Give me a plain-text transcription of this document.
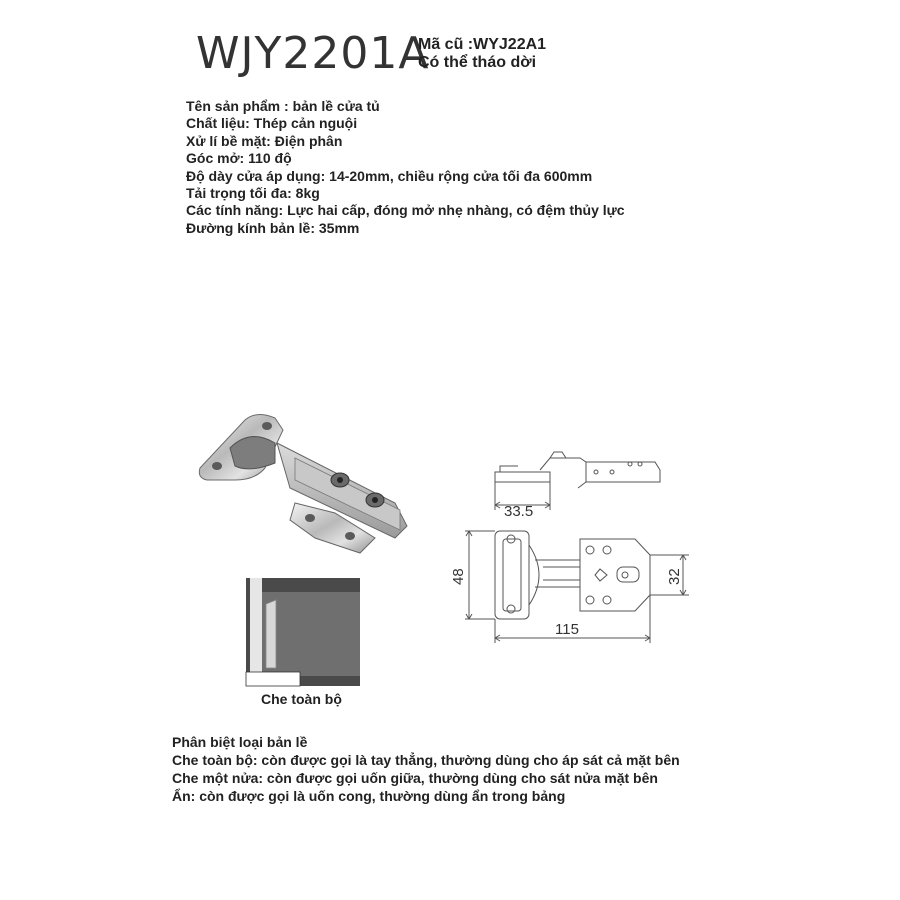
WJY2201A
Mã cũ :WYJ22A1
Có thể tháo dời
Tên sản phẩm : bản lề cửa tủ
Chất liệu: Thép cản nguội
Xử lí bề mặt: Điện phân
Góc mở: 110 độ
Độ dày cửa áp dụng: 14-20mm, chiều rộng cửa tối đa 600mm
Tải trọng tối đa: 8kg
Các tính năng: Lực hai cấp, đóng mở nhẹ nhàng, có đệm thủy lực
Đường kính bản lề: 35mm
Che toàn bộ
33.5
48	32
115
Phân biệt loại bản lề
Che toàn bộ: còn được gọi là tay thẳng, thường dùng cho áp sát cả mặt bên
Che một nửa: còn được gọi uốn giữa, thường dùng cho sát nửa mặt bên
Ẩn: còn được gọi là uốn cong, thường dùng ẩn trong bảng
